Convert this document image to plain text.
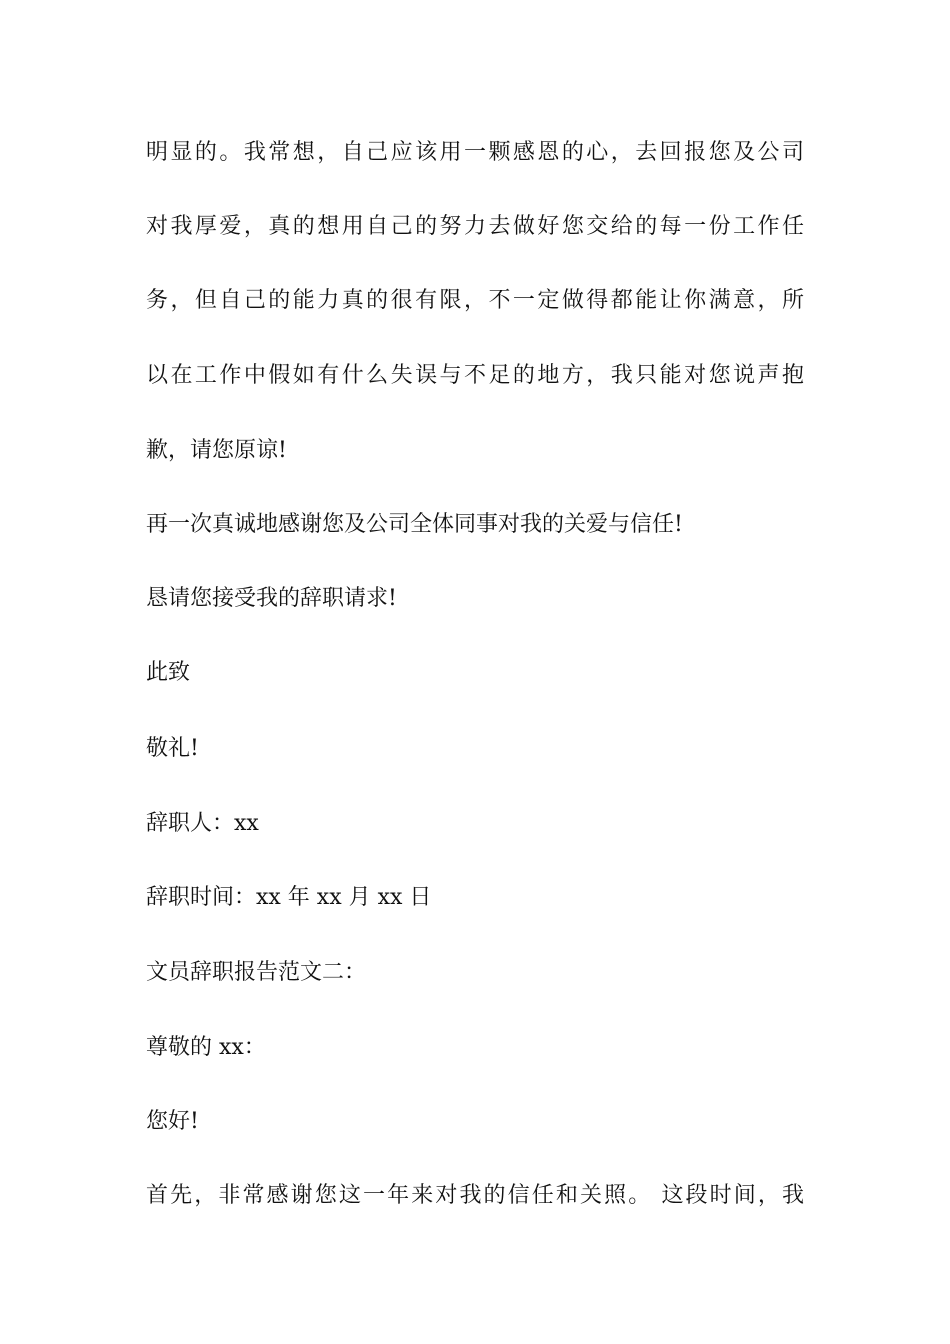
明显的。我常想，自己应该用一颗感恩的心，去回报您及公司
对我厚爱，真的想用自己的努力去做好您交给的每一份工作任
务，但自己的能力真的很有限，不一定做得都能让你满意，所
以在工作中假如有什么失误与不足的地方，我只能对您说声抱
歉，请您原谅!
再一次真诚地感谢您及公司全体同事对我的关爱与信任!
恳请您接受我的辞职请求!
此致
敬礼!
辞职人：xx
辞职时间：xx 年 xx 月 xx 日
文员辞职报告范文二：
尊敬的 xx：
您好!
首先，非常感谢您这一年来对我的信任和关照。 这段时间，我
